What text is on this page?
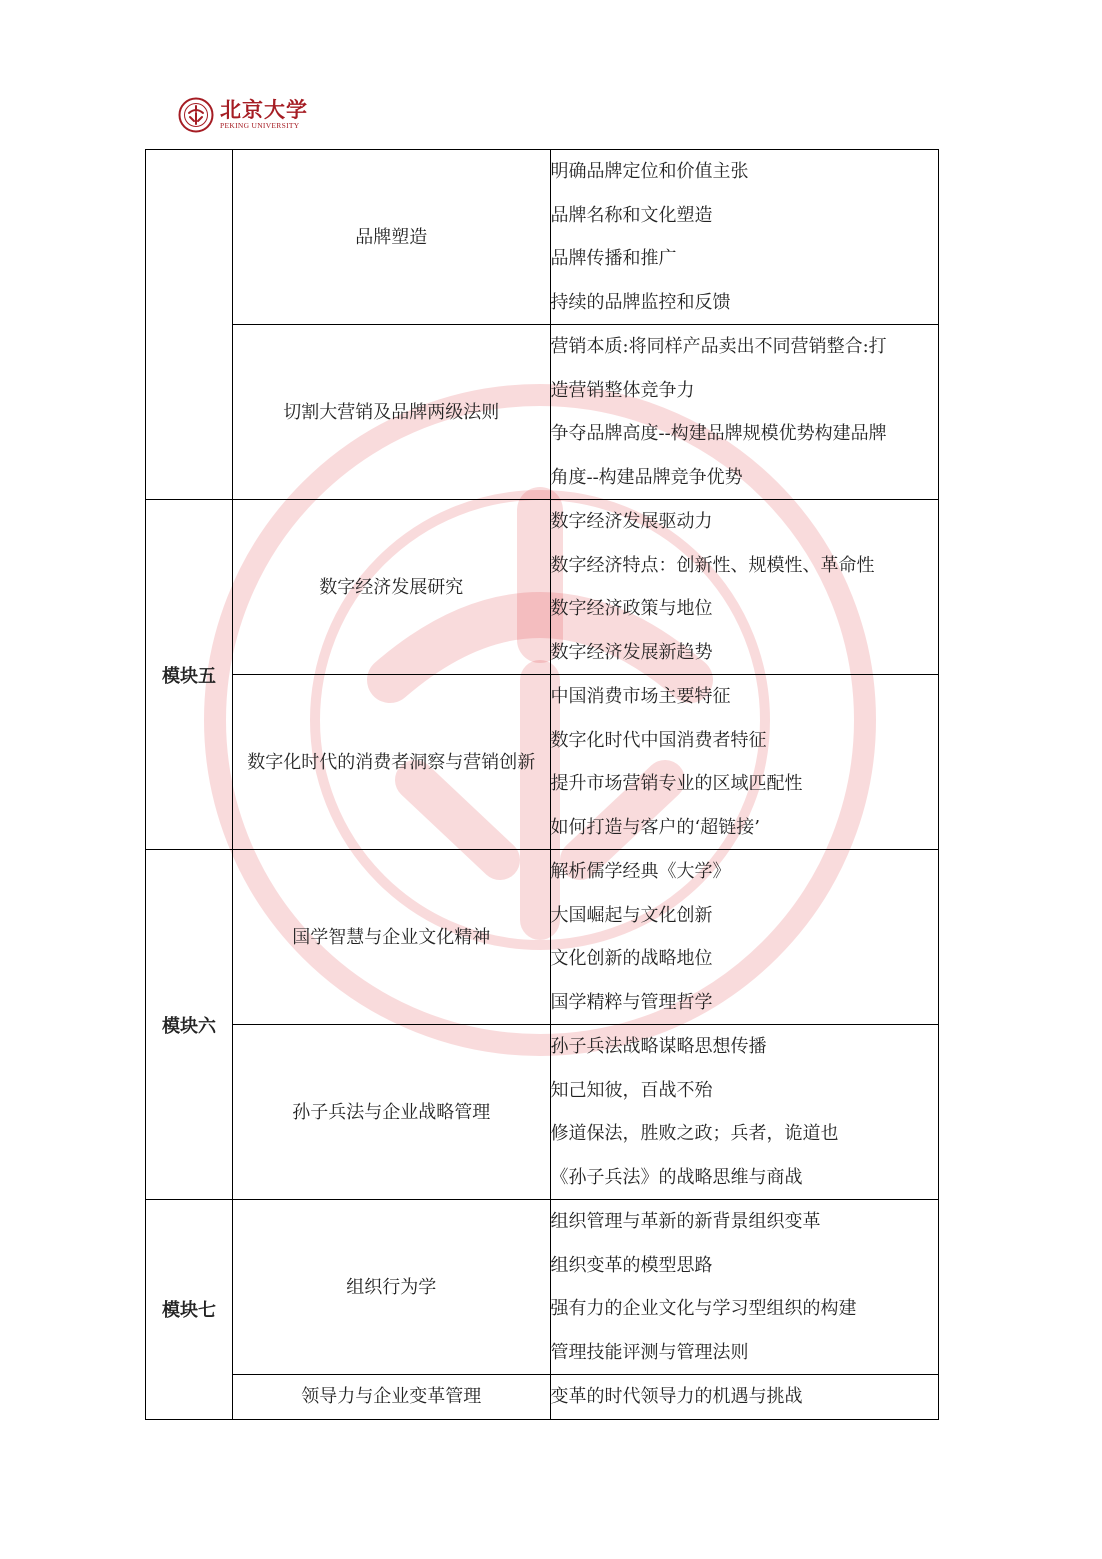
北京大学
PEKING UNIVERSITY
	品牌塑造	明确品牌定位和价值主张
品牌名称和文化塑造
品牌传播和推广
持续的品牌监控和反馈

	切割大营销及品牌两级法则	营销本质:将同样产品卖出不同营销整合:打
造营销整体竞争力
争夺品牌高度--构建品牌规模优势构建品牌
角度--构建品牌竞争优势

模块五	数字经济发展研究	数字经济发展驱动力
数字经济特点：创新性、规模性、革命性
数字经济政策与地位
数字经济发展新趋势

	数字化时代的消费者洞察与营销创新	中国消费市场主要特征
数字化时代中国消费者特征
提升市场营销专业的区域匹配性
如何打造与客户的‘超链接’

模块六	国学智慧与企业文化精神	解析儒学经典《大学》
大国崛起与文化创新
文化创新的战略地位
国学精粹与管理哲学

	孙子兵法与企业战略管理	孙子兵法战略谋略思想传播
知己知彼，百战不殆
修道保法，胜败之政；兵者，诡道也
《孙子兵法》的战略思维与商战

模块七	组织行为学	组织管理与革新的新背景组织变革
组织变革的模型思路
强有力的企业文化与学习型组织的构建
管理技能评测与管理法则

	领导力与企业变革管理	变革的时代领导力的机遇与挑战
